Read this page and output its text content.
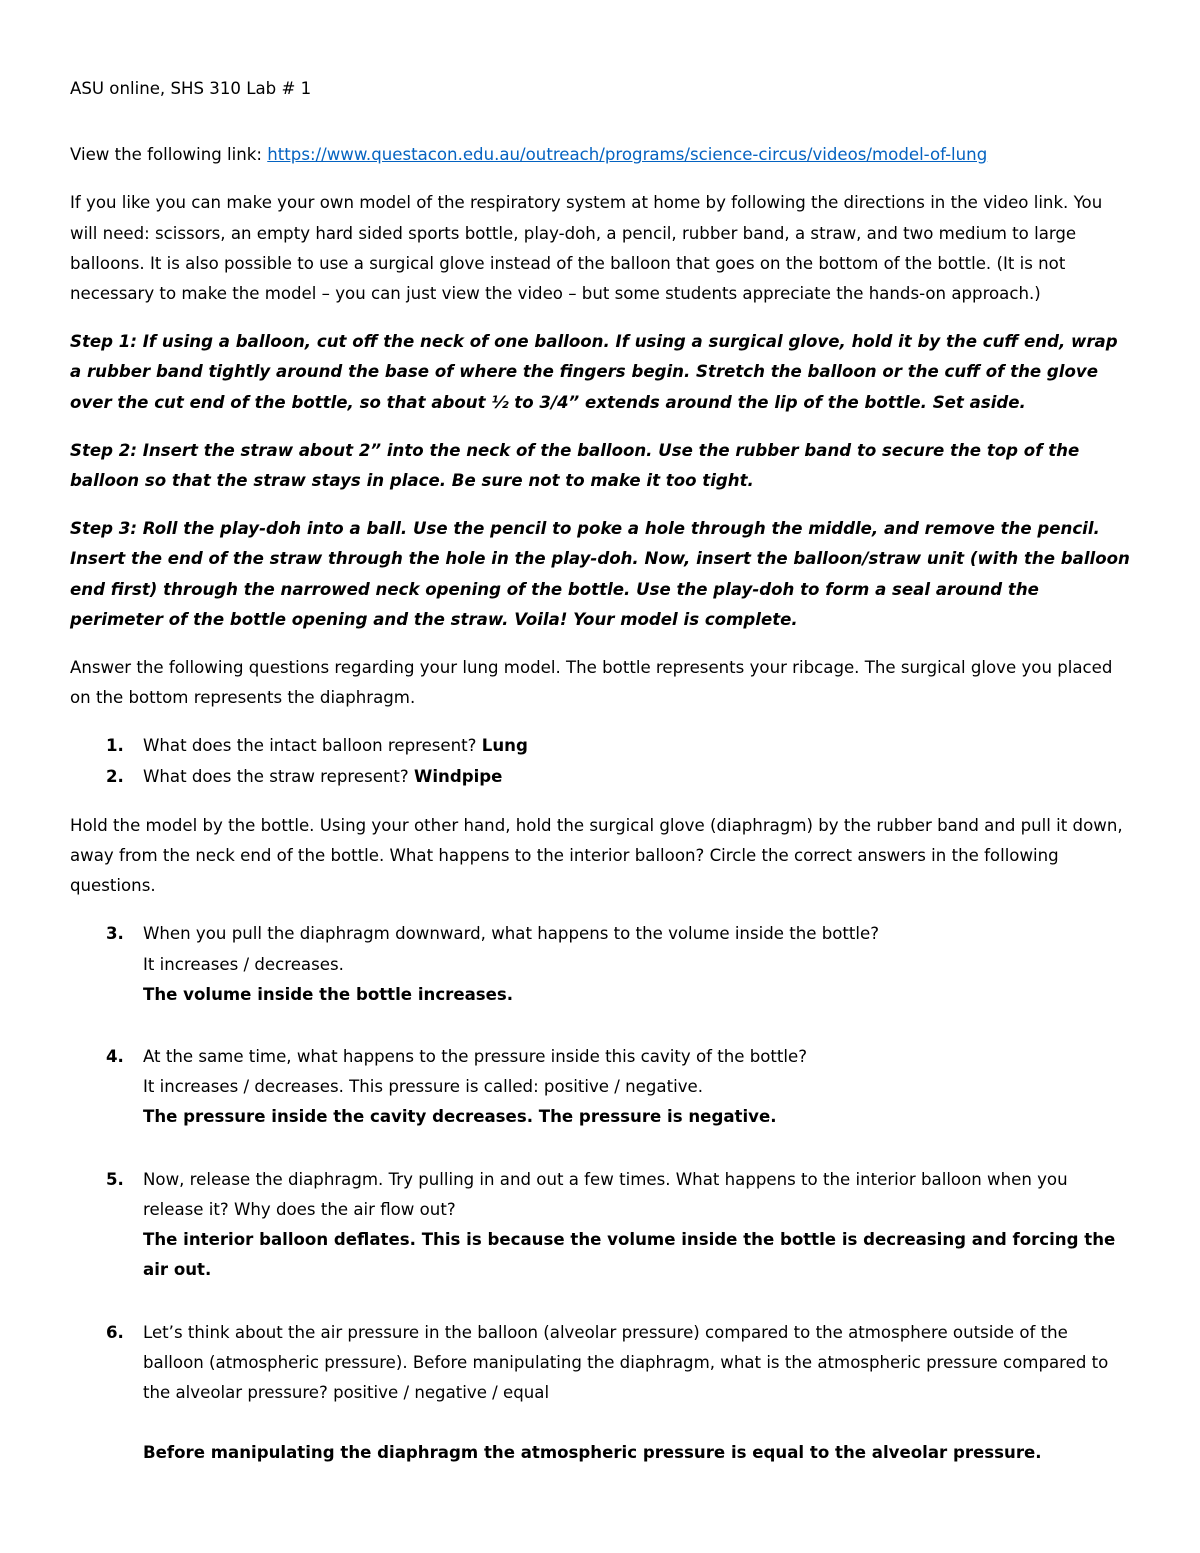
ASU online, SHS 310 Lab # 1

View the following link: https://www.questacon.edu.au/outreach/programs/science-circus/videos/model-of-lung

If you like you can make your own model of the respiratory system at home by following the directions in the video link. You will need: scissors, an empty hard sided sports bottle, play-doh, a pencil, rubber band, a straw, and two medium to large balloons. It is also possible to use a surgical glove instead of the balloon that goes on the bottom of the bottle. (It is not necessary to make the model – you can just view the video – but some students appreciate the hands-on approach.)

Step 1: If using a balloon, cut off the neck of one balloon. If using a surgical glove, hold it by the cuff end, wrap a rubber band tightly around the base of where the fingers begin. Stretch the balloon or the cuff of the glove over the cut end of the bottle, so that about ½ to 3/4” extends around the lip of the bottle. Set aside.

Step 2: Insert the straw about 2” into the neck of the balloon. Use the rubber band to secure the top of the balloon so that the straw stays in place. Be sure not to make it too tight.

Step 3: Roll the play-doh into a ball. Use the pencil to poke a hole through the middle, and remove the pencil. Insert the end of the straw through the hole in the play-doh. Now, insert the balloon/straw unit (with the balloon end first) through the narrowed neck opening of the bottle. Use the play-doh to form a seal around the perimeter of the bottle opening and the straw. Voila! Your model is complete.

Answer the following questions regarding your lung model. The bottle represents your ribcage. The surgical glove you placed on the bottom represents the diaphragm.

1. What does the intact balloon represent? Lung
2. What does the straw represent? Windpipe

Hold the model by the bottle. Using your other hand, hold the surgical glove (diaphragm) by the rubber band and pull it down, away from the neck end of the bottle. What happens to the interior balloon? Circle the correct answers in the following questions.

3. When you pull the diaphragm downward, what happens to the volume inside the bottle?
It increases / decreases.
The volume inside the bottle increases.
4. At the same time, what happens to the pressure inside this cavity of the bottle?
It increases / decreases. This pressure is called: positive / negative.
The pressure inside the cavity decreases. The pressure is negative.
5. Now, release the diaphragm. Try pulling in and out a few times. What happens to the interior balloon when you release it? Why does the air flow out?
The interior balloon deflates. This is because the volume inside the bottle is decreasing and forcing the air out.
6. Let’s think about the air pressure in the balloon (alveolar pressure) compared to the atmosphere outside of the balloon (atmospheric pressure). Before manipulating the diaphragm, what is the atmospheric pressure compared to the alveolar pressure? positive / negative / equal
Before manipulating the diaphragm the atmospheric pressure is equal to the alveolar pressure.
